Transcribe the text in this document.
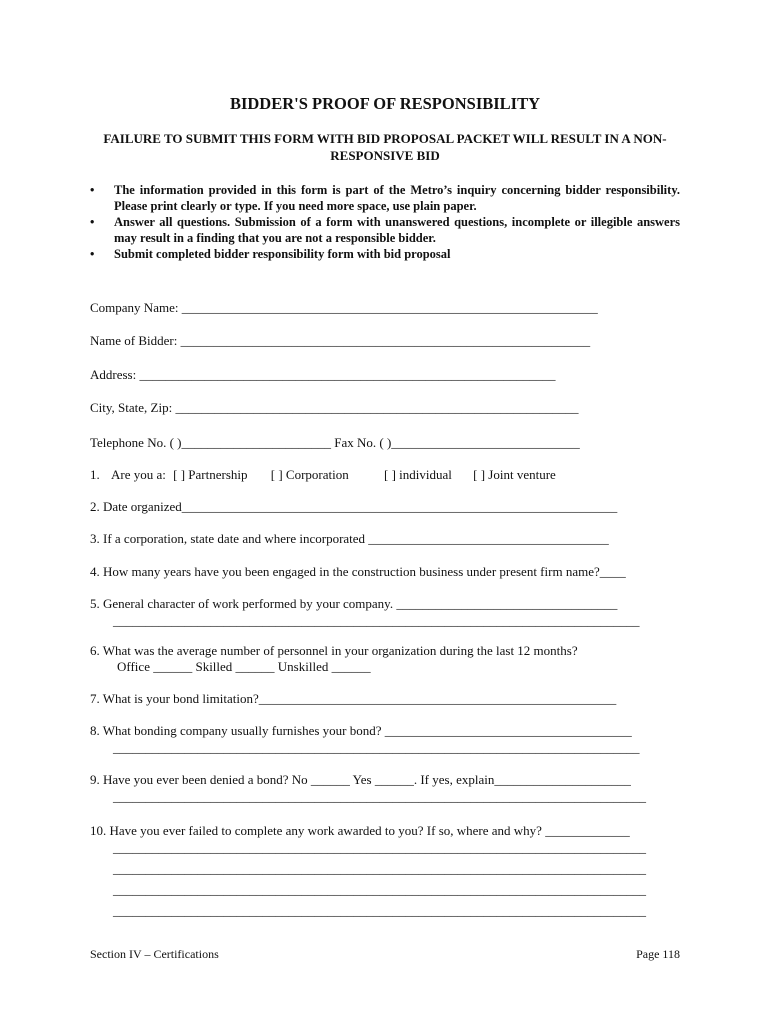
BIDDER'S PROOF OF RESPONSIBILITY
FAILURE TO SUBMIT THIS FORM WITH BID PROPOSAL PACKET WILL RESULT IN A NON-RESPONSIVE BID

• The information provided in this form is part of the Metro’s inquiry concerning bidder responsibility. Please print clearly or type. If you need more space, use plain paper.

• Answer all questions. Submission of a form with unanswered questions, incomplete or illegible answers may result in a finding that you are not a responsible bidder.

• Submit completed bidder responsibility form with bid proposal

Company Name: ________________________________________________________________
Name of Bidder: _______________________________________________________________
Address: ________________________________________________________________
City, State, Zip: ______________________________________________________________
Telephone No. ( )_______________________ Fax No. ( )_____________________________
1. Are you a: [ ] Partnership [ ] Corporation	[ ] individual [ ] Joint venture
2. Date organized___________________________________________________________________
3. If a corporation, state date and where incorporated _____________________________________
4. How many years have you been engaged in the construction business under present firm name?____
5. General character of work performed by your company. __________________________________
_________________________________________________________________________________
6. What was the average number of personnel in your organization during the last 12 months?
Office ______ Skilled ______ Unskilled ______
7. What is your bond limitation?_______________________________________________________
8. What bonding company usually furnishes your bond? ______________________________________
_________________________________________________________________________________
9. Have you ever been denied a bond? No ______ Yes ______. If yes, explain_____________________
__________________________________________________________________________________
10. Have you ever failed to complete any work awarded to you? If so, where and why? _____________
__________________________________________________________________________________
__________________________________________________________________________________
__________________________________________________________________________________
__________________________________________________________________________________
Section IV – Certifications	Page 118
